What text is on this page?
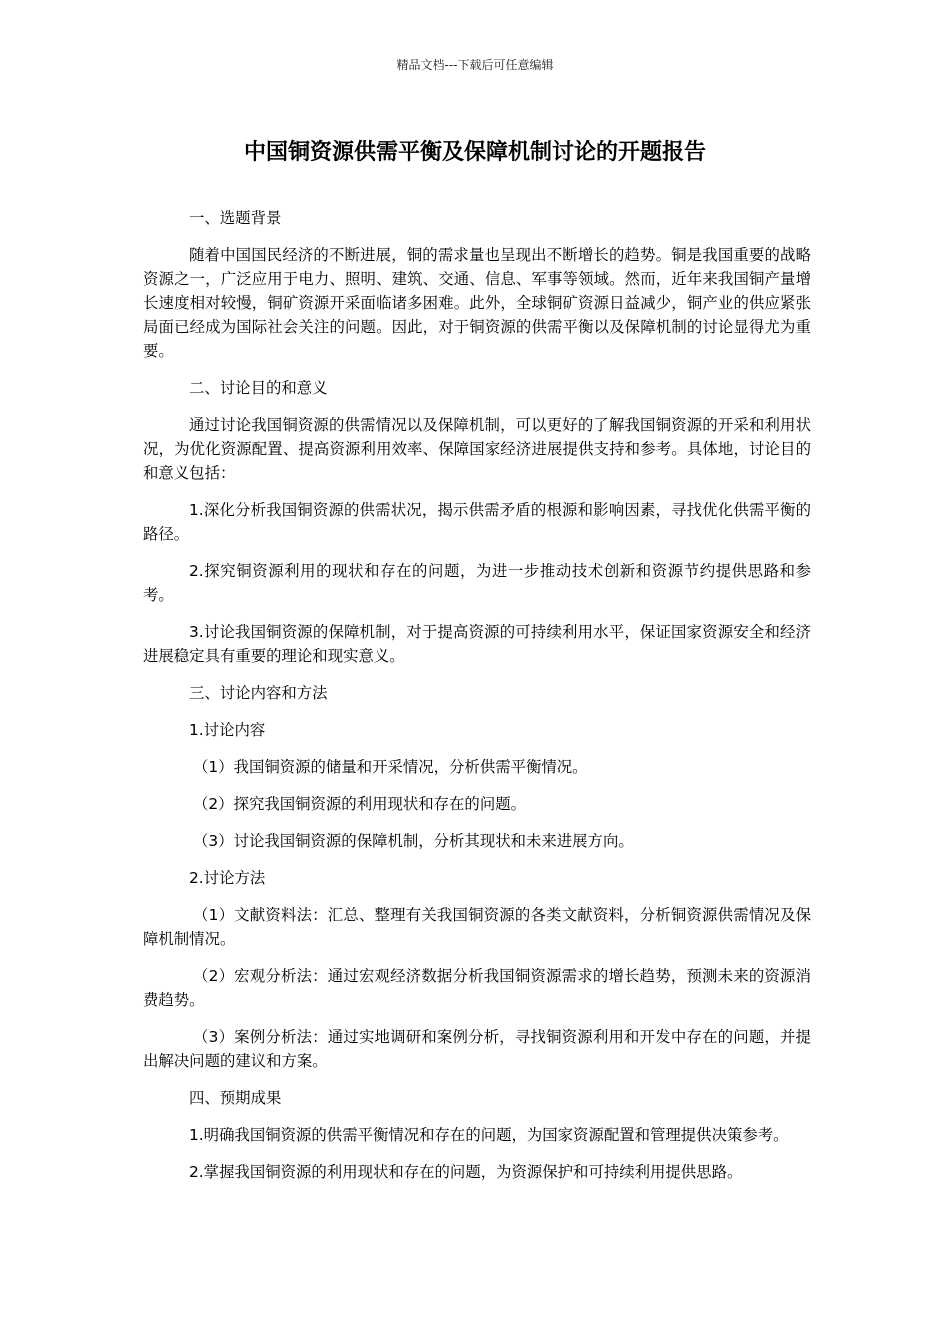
精品文档---下载后可任意编辑
中国铜资源供需平衡及保障机制讨论的开题报告

一、选题背景

随着中国国民经济的不断进展，铜的需求量也呈现出不断增长的趋势。铜是我国重要的战略资源之一，广泛应用于电力、照明、建筑、交通、信息、军事等领域。然而，近年来我国铜产量增长速度相对较慢，铜矿资源开采面临诸多困难。此外，全球铜矿资源日益减少，铜产业的供应紧张局面已经成为国际社会关注的问题。因此，对于铜资源的供需平衡以及保障机制的讨论显得尤为重要。

二、讨论目的和意义

通过讨论我国铜资源的供需情况以及保障机制，可以更好的了解我国铜资源的开采和利用状况，为优化资源配置、提高资源利用效率、保障国家经济进展提供支持和参考。具体地，讨论目的和意义包括：

1.深化分析我国铜资源的供需状况，揭示供需矛盾的根源和影响因素，寻找优化供需平衡的路径。

2.探究铜资源利用的现状和存在的问题，为进一步推动技术创新和资源节约提供思路和参考。

3.讨论我国铜资源的保障机制，对于提高资源的可持续利用水平，保证国家资源安全和经济进展稳定具有重要的理论和现实意义。

三、讨论内容和方法

1.讨论内容

（1）我国铜资源的储量和开采情况，分析供需平衡情况。

（2）探究我国铜资源的利用现状和存在的问题。

（3）讨论我国铜资源的保障机制，分析其现状和未来进展方向。

2.讨论方法

（1）文献资料法：汇总、整理有关我国铜资源的各类文献资料，分析铜资源供需情况及保障机制情况。

（2）宏观分析法：通过宏观经济数据分析我国铜资源需求的增长趋势，预测未来的资源消费趋势。

（3）案例分析法：通过实地调研和案例分析，寻找铜资源利用和开发中存在的问题，并提出解决问题的建议和方案。

四、预期成果

1.明确我国铜资源的供需平衡情况和存在的问题，为国家资源配置和管理提供决策参考。

2.掌握我国铜资源的利用现状和存在的问题，为资源保护和可持续利用提供思路。
